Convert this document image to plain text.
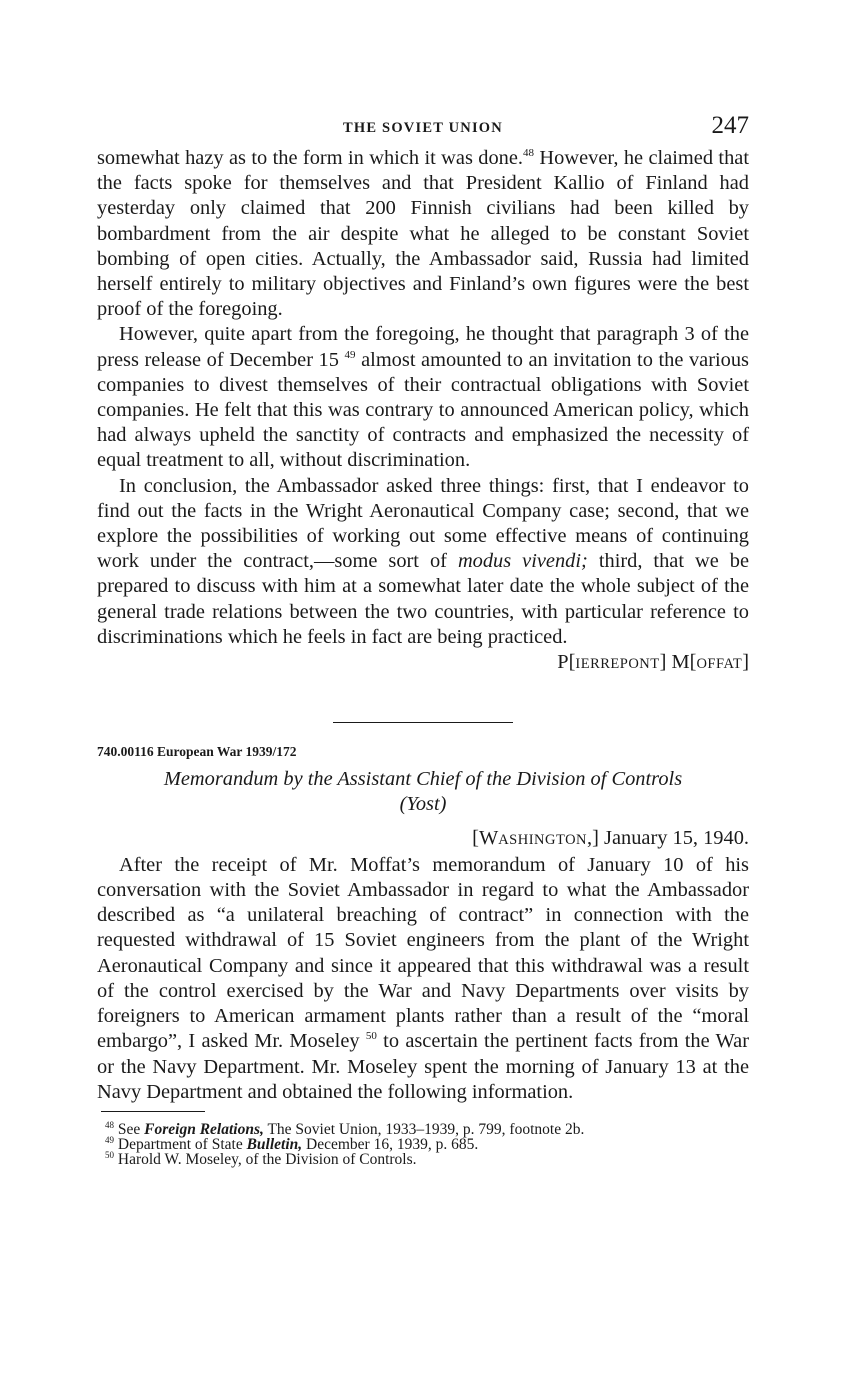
THE SOVIET UNION	247

somewhat hazy as to the form in which it was done.$^{48}$ However, he claimed that the facts spoke for themselves and that President Kallio of Finland had yesterday only claimed that 200 Finnish civilians had been killed by bombardment from the air despite what he alleged to be constant Soviet bombing of open cities. Actually, the Ambassador said, Russia had limited herself entirely to military objectives and Finland’s own figures were the best proof of the foregoing.

However, quite apart from the foregoing, he thought that paragraph 3 of the press release of December 15 $^{49}$ almost amounted to an invitation to the various companies to divest themselves of their contractual obligations with Soviet companies. He felt that this was contrary to announced American policy, which had always upheld the sanctity of contracts and emphasized the necessity of equal treatment to all, without discrimination.

In conclusion, the Ambassador asked three things: first, that I endeavor to find out the facts in the Wright Aeronautical Company case; second, that we explore the possibilities of working out some effective means of continuing work under the contract,—some sort of modus vivendi; third, that we be prepared to discuss with him at a somewhat later date the whole subject of the general trade relations between the two countries, with particular reference to discriminations which he feels in fact are being practiced.

P[IERREPONT] M[OFFAT]
740.00116 European War 1939/172
Memorandum by the Assistant Chief of the Division of Controls
(Yost)
[WASHINGTON,] January 15, 1940.

After the receipt of Mr. Moffat’s memorandum of January 10 of his conversation with the Soviet Ambassador in regard to what the Ambassador described as “a unilateral breaching of contract” in connection with the requested withdrawal of 15 Soviet engineers from the plant of the Wright Aeronautical Company and since it appeared that this withdrawal was a result of the control exercised by the War and Navy Departments over visits by foreigners to American armament plants rather than a result of the “moral embargo”, I asked Mr. Moseley $^{50}$ to ascertain the pertinent facts from the War or the Navy Department. Mr. Moseley spent the morning of January 13 at the Navy Department and obtained the following information.

$^{48}$ See Foreign Relations, The Soviet Union, 1933–1939, p. 799, footnote 2b.
$^{49}$ Department of State Bulletin, December 16, 1939, p. 685.
$^{50}$ Harold W. Moseley, of the Division of Controls.
